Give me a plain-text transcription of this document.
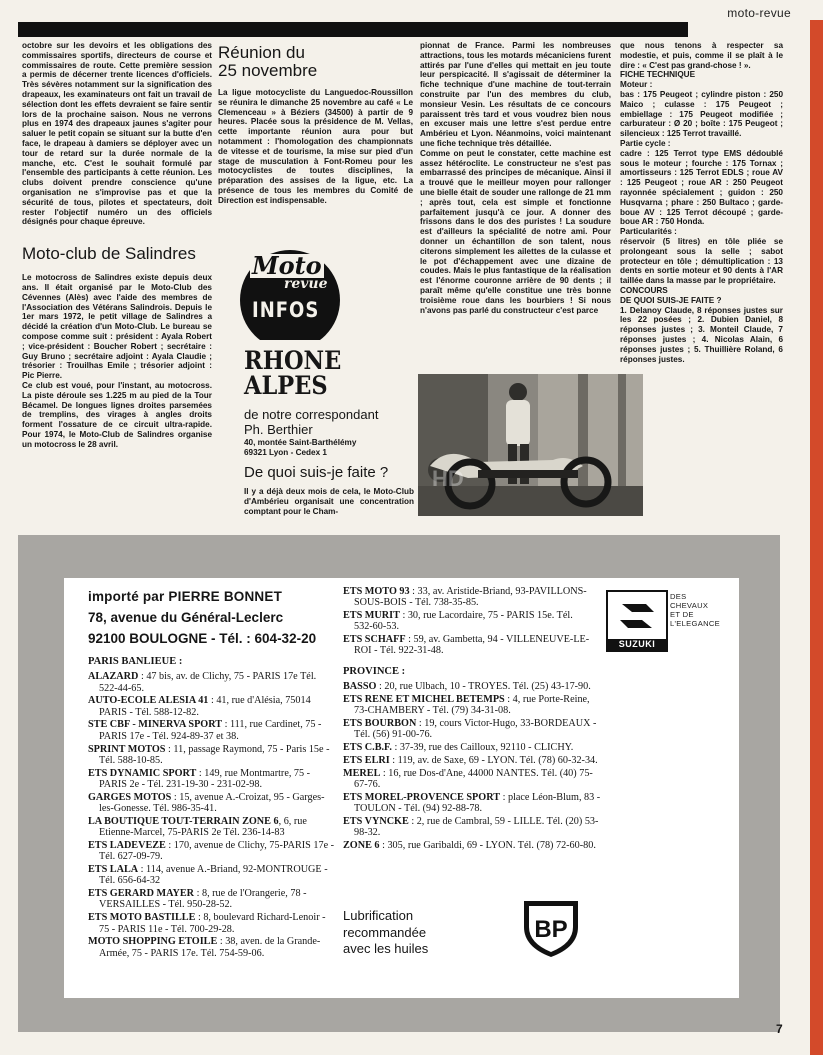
moto-revue

octobre sur les devoirs et les obligations des commissaires sportifs, directeurs de course et commissaires de route. Cette première session a permis de décerner trente licences d'officiels. Très sévères notamment sur la signification des drapeaux, les examinateurs ont fait un travail de sélection dont les effets devraient se faire sentir lors de la prochaine saison. Nous ne verrons plus en 1974 des drapeaux jaunes s'agiter pour saluer le petit copain se situant sur la butte d'en face, le drapeau à damiers se déployer avec un tour de retard sur la durée normale de la manche, etc. C'est le souhait formulé par l'ensemble des participants à cette réunion. Les clubs doivent prendre conscience qu'une organisation ne s'improvise pas et que la sécurité de tous, pilotes et spectateurs, doit rester l'objectif numéro un des officiels désignés pour chaque épreuve.

Moto-club de Salindres

Le motocross de Salindres existe depuis deux ans. Il était organisé par le Moto-Club des Cévennes (Alès) avec l'aide des membres de l'Association des Vétérans Salindrois. Depuis le 1er mars 1972, le petit village de Salindres a décidé la création d'un Moto-Club. Le bureau se compose comme suit : président : Ayala Robert ; vice-président : Boucher Robert ; secrétaire : Guy Bruno ; secrétaire adjoint : Ayala Claudie ; trésorier : Trouilhas Emile ; trésorier adjoint : Pic Pierre.

Ce club est voué, pour l'instant, au motocross. La piste déroule ses 1.225 m au pied de la Tour Bécamel. De longues lignes droites parsemées de tremplins, des virages à angles droits forment l'ossature de ce circuit ultra-rapide. Pour 1974, le Moto-Club de Salindres organise un motocross le 28 avril.

Réunion du 25 novembre

La ligue motocycliste du Languedoc-Roussillon se réunira le dimanche 25 novembre au café « Le Clemenceau » à Béziers (34500) à partir de 9 heures. Placée sous la présidence de M. Vellas, cette importante réunion aura pour but notamment : l'homologation des championnats de vitesse et de tourisme, la mise sur pied d'un stage de musculation à Font-Romeu pour les motocyclistes de toutes disciplines, la préparation des assises de la ligue, etc. La présence de tous les membres du Comité de Direction est indispensable.

Moto
revue
INFOS
RHONE
ALPES
de notre correspondant
Ph. Berthier
40, montée Saint-Barthélémy
69321 Lyon - Cedex 1
De quoi suis-je faite ?

Il y a déjà deux mois de cela, le Moto-Club d'Ambérieu organisait une concentration comptant pour le Cham-

pionnat de France. Parmi les nombreuses attractions, tous les motards mécaniciens furent attirés par l'une d'elles qui mettait en jeu toute leur perspicacité. Il s'agissait de déterminer la fiche technique d'une machine de tout-terrain construite par l'un des membres du club, monsieur Vesin. Les résultats de ce concours paraissent très tard et vous voudrez bien nous en excuser mais une lettre s'est perdue entre Ambérieu et Lyon. Néanmoins, voici maintenant une fiche technique très détaillée.

Comme on peut le constater, cette machine est assez hétéroclite. Le constructeur ne s'est pas embarrassé des principes de mécanique. Ainsi il a trouvé que le meilleur moyen pour rallonger une bielle était de souder une rallonge de 21 mm ; après tout, cela est simple et fonctionne parfaitement jusqu'à ce jour. A donner des frissons dans le dos des puristes ! La soudure est d'ailleurs la spécialité de notre ami. Pour donner un échantillon de son talent, nous citerons simplement les ailettes de la culasse et le pot d'échappement avec une dizaine de coudes. Mais le plus fantastique de la réalisation est l'énorme couronne arrière de 90 dents ; il paraît même qu'elle constitue une très bonne troisième roue dans les bourbiers ! Si nous n'avons pas parlé du constructeur c'est parce

que nous tenons à respecter sa modestie, et puis, comme il se plaît à le dire : « C'est pas grand-chose ! ».

FICHE TECHNIQUE
Moteur :

bas : 175 Peugeot ; cylindre piston : 250 Maico ; culasse : 175 Peugeot ; embiellage : 175 Peugeot modifiée ; carburateur : Ø 20 ; boîte : 175 Peugeot ; silencieux : 125 Terrot travaillé.

Partie cycle :

cadre : 125 Terrot type EMS dédoublé sous le moteur ; fourche : 175 Tornax ; amortisseurs : 125 Terrot EDLS ; roue AV : 125 Peugeot ; roue AR : 250 Peugeot rayonnée spécialement ; guidon : 250 Husqvarna ; phare : 250 Bultaco ; garde-boue AV : 125 Terrot découpé ; garde-boue AR : 750 Honda.

Particularités :

réservoir (5 litres) en tôle pliée se prolongeant sous la selle ; sabot protecteur en tôle ; démultiplication : 13 dents en sortie moteur et 90 dents à l'AR taillée dans la masse par le propriétaire.

CONCOURS
DE QUOI SUIS-JE FAITE ?

1. Delanoy Claude, 8 réponses justes sur les 22 posées ; 2. Dubien Daniel, 8 réponses justes ; 3. Monteil Claude, 7 réponses justes ; 4. Nicolas Alain, 6 réponses justes ; 5. Thuillière Roland, 6 réponses justes.

HD
importé par PIERRE BONNET
78, avenue du Général-Leclerc
92100 BOULOGNE - Tél. : 604-32-20
PARIS BANLIEUE :
ALAZARD : 47 bis, av. de Clichy, 75 - PARIS 17e Tél. 522-44-65.
AUTO-ECOLE ALESIA 41 : 41, rue d'Alésia, 75014 PARIS - Tél. 588-12-82.
STE CBF - MINERVA SPORT : 111, rue Cardinet, 75 - PARIS 17e - Tél. 924-89-37 et 38.
SPRINT MOTOS : 11, passage Raymond, 75 - Paris 15e - Tél. 588-10-85.
ETS DYNAMIC SPORT : 149, rue Montmartre, 75 - PARIS 2e - Tél. 231-19-30 - 231-02-98.
GARGES MOTOS : 15, avenue A.-Croizat, 95 - Garges-les-Gonesse. Tél. 986-35-41.
LA BOUTIQUE TOUT-TERRAIN ZONE 6, 6, rue Etienne-Marcel, 75-PARIS 2e Tél. 236-14-83
ETS LADEVEZE : 170, avenue de Clichy, 75-PARIS 17e - Tél. 627-09-79.
ETS LALA : 114, avenue A.-Briand, 92-MONTROUGE - Tél. 656-64-32
ETS GERARD MAYER : 8, rue de l'Orangerie, 78 - VERSAILLES - Tél. 950-28-52.
ETS MOTO BASTILLE : 8, boulevard Richard-Lenoir - 75 - PARIS 11e - Tél. 700-29-28.
MOTO SHOPPING ETOILE : 38, aven. de la Grande-Armée, 75 - PARIS 17e. Tél. 754-59-06.
ETS MOTO 93 : 33, av. Aristide-Briand, 93-PAVILLONS-SOUS-BOIS - Tél. 738-35-85.
ETS MURIT : 30, rue Lacordaire, 75 - PARIS 15e. Tél. 532-60-53.
ETS SCHAFF : 59, av. Gambetta, 94 - VILLENEUVE-LE-ROI - Tél. 922-31-48.
PROVINCE :
BASSO : 20, rue Ulbach, 10 - TROYES. Tél. (25) 43-17-90.
ETS RENE ET MICHEL BETEMPS : 4, rue Porte-Reine, 73-CHAMBERY - Tél. (79) 34-31-08.
ETS BOURBON : 19, cours Victor-Hugo, 33-BORDEAUX - Tél. (56) 91-00-76.
ETS C.B.F. : 37-39, rue des Cailloux, 92110 - CLICHY.
ETS ELRI : 119, av. de Saxe, 69 - LYON. Tél. (78) 60-32-34.
MEREL : 16, rue Dos-d'Ane, 44000 NANTES. Tél. (40) 75-67-76.
ETS MOREL-PROVENCE SPORT : place Léon-Blum, 83 - TOULON - Tél. (94) 92-88-78.
ETS VYNCKE : 2, rue de Cambral, 59 - LILLE. Tél. (20) 53-98-32.
ZONE 6 : 305, rue Garibaldi, 69 - LYON. Tél. (78) 72-60-80.
SUZUKI
DES
CHEVAUX
ET DE
L'ELEGANCE
Lubrification
recommandée
avec les huiles
BP
7
